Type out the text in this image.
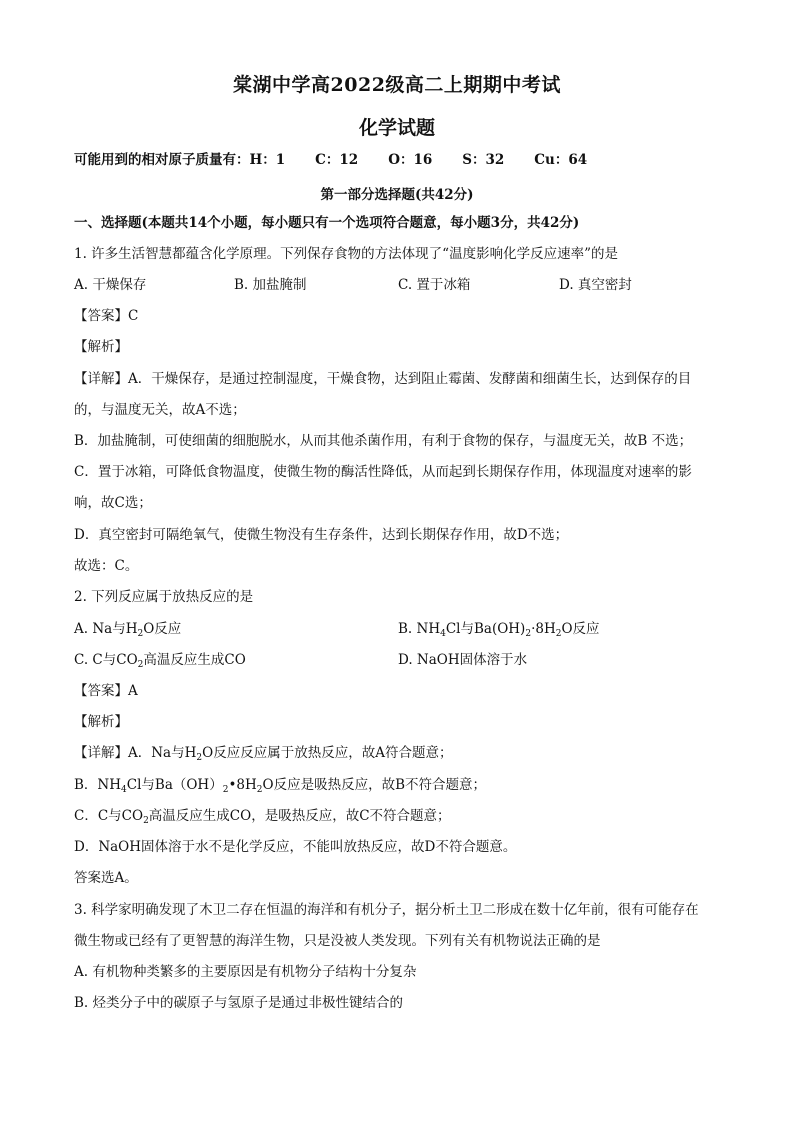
棠湖中学高2022级高二上期期中考试
化学试题
可能用到的相对原子质量有：H：1 C：12 O：16 S：32 Cu：64
第一部分选择题(共42分)
一、选择题(本题共14个小题，每小题只有一个选项符合题意，每小题3分，共42分)
1. 许多生活智慧都蕴含化学原理。下列保存食物的方法体现了“温度影响化学反应速率”的是
A. 干燥保存	B. 加盐腌制	C. 置于冰箱	D. 真空密封
【答案】C
【解析】
【详解】A．干燥保存，是通过控制湿度，干燥食物，达到阻止霉菌、发酵菌和细菌生长，达到保存的目
的，与温度无关，故A不选；
B．加盐腌制，可使细菌的细胞脱水，从而其他杀菌作用，有利于食物的保存，与温度无关，故B 不选；
C．置于冰箱，可降低食物温度，使微生物的酶活性降低，从而起到长期保存作用，体现温度对速率的影
响，故C选；
D．真空密封可隔绝氧气，使微生物没有生存条件，达到长期保存作用，故D不选；
故选：C。
2. 下列反应属于放热反应的是
A. Na与$H_2O$反应	B. $NH_4Cl$与$Ba(OH)_2\cdot 8H_2O$反应
C. C与$CO_2$高温反应生成CO	D. NaOH固体溶于水
【答案】A
【解析】
【详解】A．Na与$H_2O$反应反应属于放热反应，故A符合题意；
B．$NH_4Cl$与$Ba(OH)_2•8H_2O$反应是吸热反应，故B不符合题意；
C．C与$CO_2$高温反应生成CO，是吸热反应，故C不符合题意；
D．NaOH固体溶于水不是化学反应，不能叫放热反应，故D不符合题意。
答案选A。
3. 科学家明确发现了木卫二存在恒温的海洋和有机分子，据分析土卫二形成在数十亿年前，很有可能存在
微生物或已经有了更智慧的海洋生物，只是没被人类发现。下列有关有机物说法正确的是
A. 有机物种类繁多的主要原因是有机物分子结构十分复杂
B. 烃类分子中的碳原子与氢原子是通过非极性键结合的
